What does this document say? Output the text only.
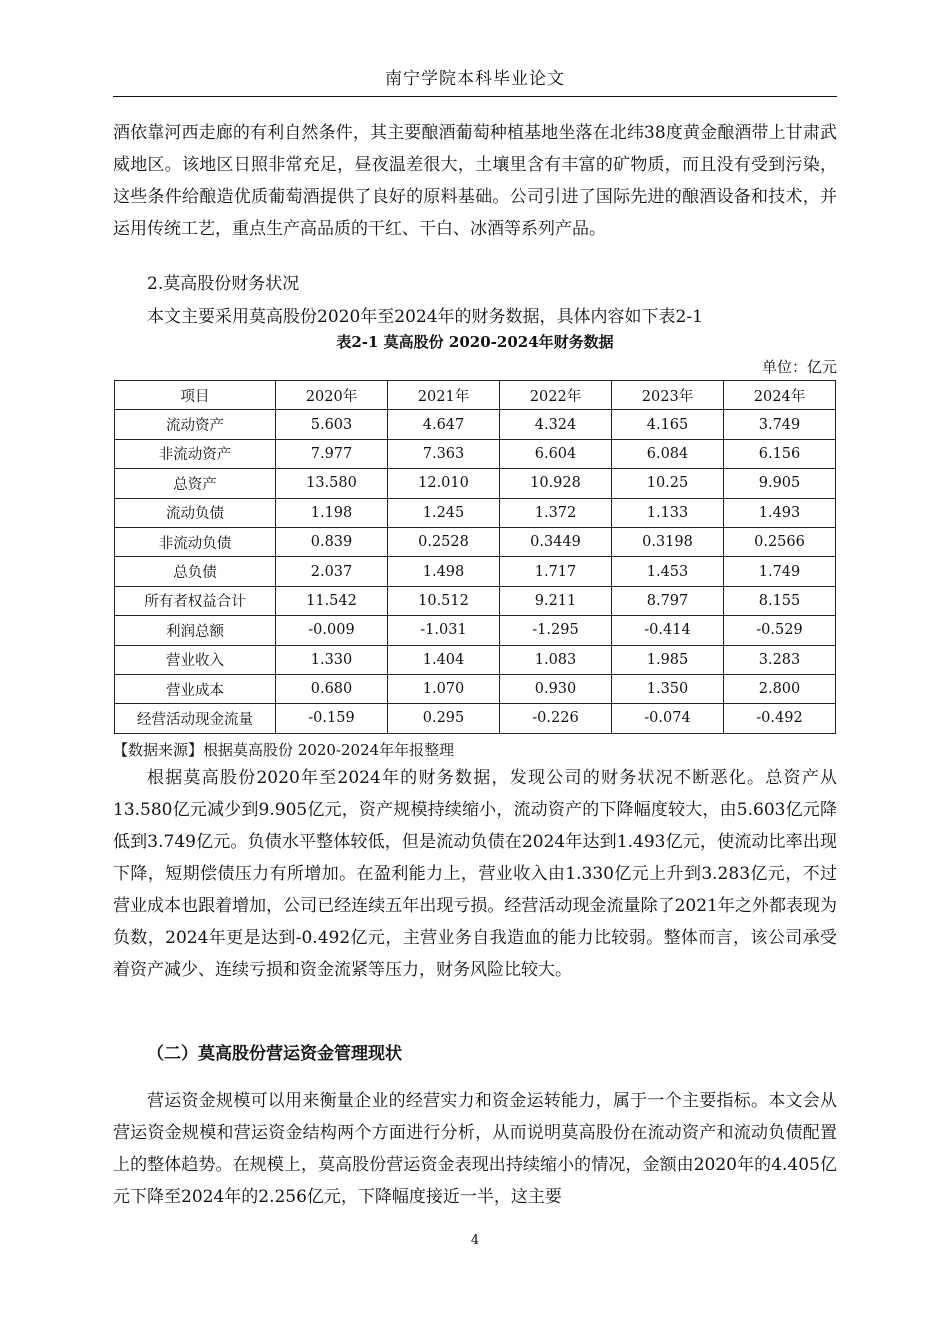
南宁学院本科毕业论文

酒依靠河西走廊的有利自然条件，其主要酿酒葡萄种植基地坐落在北纬38度黄金酿酒带上甘肃武威地区。该地区日照非常充足，昼夜温差很大，土壤里含有丰富的矿物质，而且没有受到污染，这些条件给酿造优质葡萄酒提供了良好的原料基础。公司引进了国际先进的酿酒设备和技术，并运用传统工艺，重点生产高品质的干红、干白、冰酒等系列产品。

2.莫高股份财务状况

本文主要采用莫高股份2020年至2024年的财务数据，具体内容如下表2-1

表2-1 莫高股份 2020-2024年财务数据

单位：亿元

项目	2020年	2021年	2022年	2023年	2024年
流动资产	5.603	4.647	4.324	4.165	3.749
非流动资产	7.977	7.363	6.604	6.084	6.156
总资产	13.580	12.010	10.928	10.25	9.905
流动负债	1.198	1.245	1.372	1.133	1.493
非流动负债	0.839	0.2528	0.3449	0.3198	0.2566
总负债	2.037	1.498	1.717	1.453	1.749
所有者权益合计	11.542	10.512	9.211	8.797	8.155
利润总额	-0.009	-1.031	-1.295	-0.414	-0.529
营业收入	1.330	1.404	1.083	1.985	3.283
营业成本	0.680	1.070	0.930	1.350	2.800
经营活动现金流量	-0.159	0.295	-0.226	-0.074	-0.492

【数据来源】根据莫高股份 2020-2024年年报整理

根据莫高股份2020年至2024年的财务数据，发现公司的财务状况不断恶化。总资产从13.580亿元减少到9.905亿元，资产规模持续缩小，流动资产的下降幅度较大，由5.603亿元降低到3.749亿元。负债水平整体较低，但是流动负债在2024年达到1.493亿元，使流动比率出现下降，短期偿债压力有所增加。在盈利能力上，营业收入由1.330亿元上升到3.283亿元，不过营业成本也跟着增加，公司已经连续五年出现亏损。经营活动现金流量除了2021年之外都表现为负数，2024年更是达到-0.492亿元，主营业务自我造血的能力比较弱。整体而言，该公司承受着资产减少、连续亏损和资金流紧等压力，财务风险比较大。

（二）莫高股份营运资金管理现状

营运资金规模可以用来衡量企业的经营实力和资金运转能力，属于一个主要指标。本文会从营运资金规模和营运资金结构两个方面进行分析，从而说明莫高股份在流动资产和流动负债配置上的整体趋势。在规模上，莫高股份营运资金表现出持续缩小的情况，金额由2020年的4.405亿元下降至2024年的2.256亿元，下降幅度接近一半，这主要

4
